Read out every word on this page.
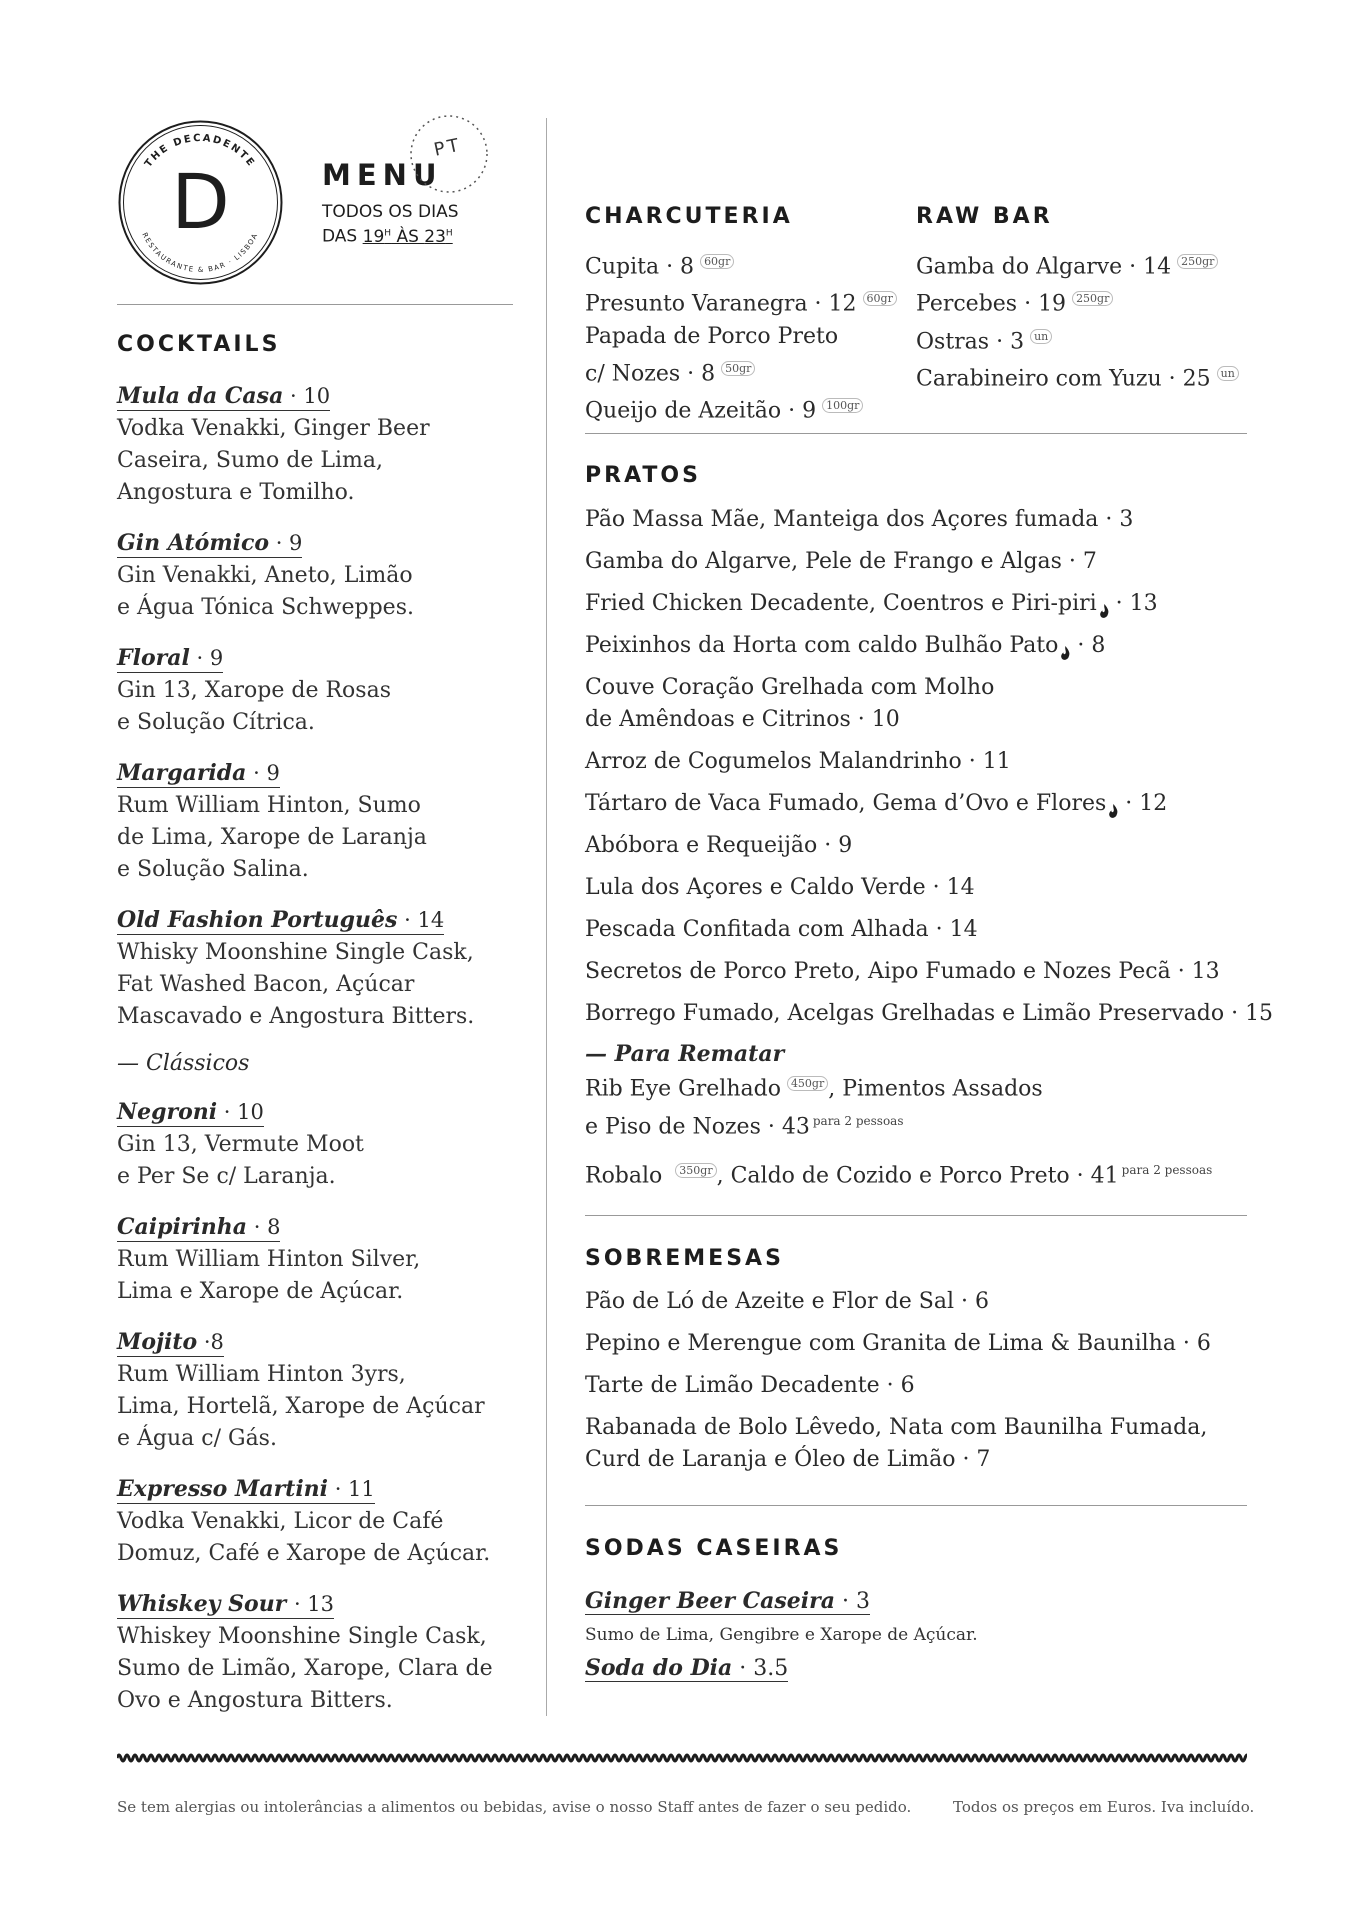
THE DECADENTE
RESTAURANTE & BAR · LISBOA
D	MENU
TODOS OS DIAS
DAS $19^H$ ÀS $23^H$
PT
COCKTAILS
Mula da Casa · 10
Vodka Venakki, Ginger Beer
Caseira, Sumo de Lima,
Angostura e Tomilho.
Gin Atómico · 9
Gin Venakki, Aneto, Limão
e Água Tónica Schweppes.
Floral · 9
Gin 13, Xarope de Rosas
e Solução Cítrica.
Margarida · 9
Rum William Hinton, Sumo
de Lima, Xarope de Laranja
e Solução Salina.
Old Fashion Português · 14
Whisky Moonshine Single Cask,
Fat Washed Bacon, Açúcar
Mascavado e Angostura Bitters.
— Clássicos
Negroni · 10
Gin 13, Vermute Moot
e Per Se c/ Laranja.
Caipirinha · 8
Rum William Hinton Silver,
Lima e Xarope de Açúcar.
Mojito ·8
Rum William Hinton 3yrs,
Lima, Hortelã, Xarope de Açúcar
e Água c/ Gás.
Expresso Martini · 11
Vodka Venakki, Licor de Café
Domuz, Café e Xarope de Açúcar.
Whiskey Sour · 13
Whiskey Moonshine Single Cask,
Sumo de Limão, Xarope, Clara de
Ovo e Angostura Bitters.
CHARCUTERIA
Cupita · 8 $^{60gr}$
Presunto Varanegra · 12 $^{60gr}$
Papada de Porco Preto
c/ Nozes · 8 $^{50gr}$
Queijo de Azeitão · 9 $^{100gr}$
RAW BAR
Gamba do Algarve · 14 $^{250gr}$
Percebes · 19 $^{250gr}$
Ostras · 3 $^{un}$
Carabineiro com Yuzu · 25 $^{un}$
PRATOS
Pão Massa Mãe, Manteiga dos Açores fumada · 3
Gamba do Algarve, Pele de Frango e Algas · 7
Fried Chicken Decadente, Coentros e Piri-piri · 13
Peixinhos da Horta com caldo Bulhão Pato · 8
Couve Coração Grelhada com Molho
de Amêndoas e Citrinos · 10
Arroz de Cogumelos Malandrinho · 11
Tártaro de Vaca Fumado, Gema d’Ovo e Flores · 12
Abóbora e Requeijão · 9
Lula dos Açores e Caldo Verde · 14
Pescada Confitada com Alhada · 14
Secretos de Porco Preto, Aipo Fumado e Nozes Pecã · 13
Borrego Fumado, Acelgas Grelhadas e Limão Preservado · 15
— Para Rematar
Rib Eye Grelhado $^{450gr}$ , Pimentos Assados
e Piso de Nozes · 43 $^{para 2 pessoas}$
Robalo $^{350gr}$ , Caldo de Cozido e Porco Preto · 41 $^{para 2 pessoas}$
SOBREMESAS
Pão de Ló de Azeite e Flor de Sal · 6
Pepino e Merengue com Granita de Lima & Baunilha · 6
Tarte de Limão Decadente · 6
Rabanada de Bolo Lêvedo, Nata com Baunilha Fumada,
Curd de Laranja e Óleo de Limão · 7
SODAS CASEIRAS
Ginger Beer Caseira · 3
Sumo de Lima, Gengibre e Xarope de Açúcar.
Soda do Dia · 3.5
Se tem alergias ou intolerâncias a alimentos ou bebidas, avise o nosso Staff antes de fazer o seu pedido.	Todos os preços em Euros. Iva incluído.
